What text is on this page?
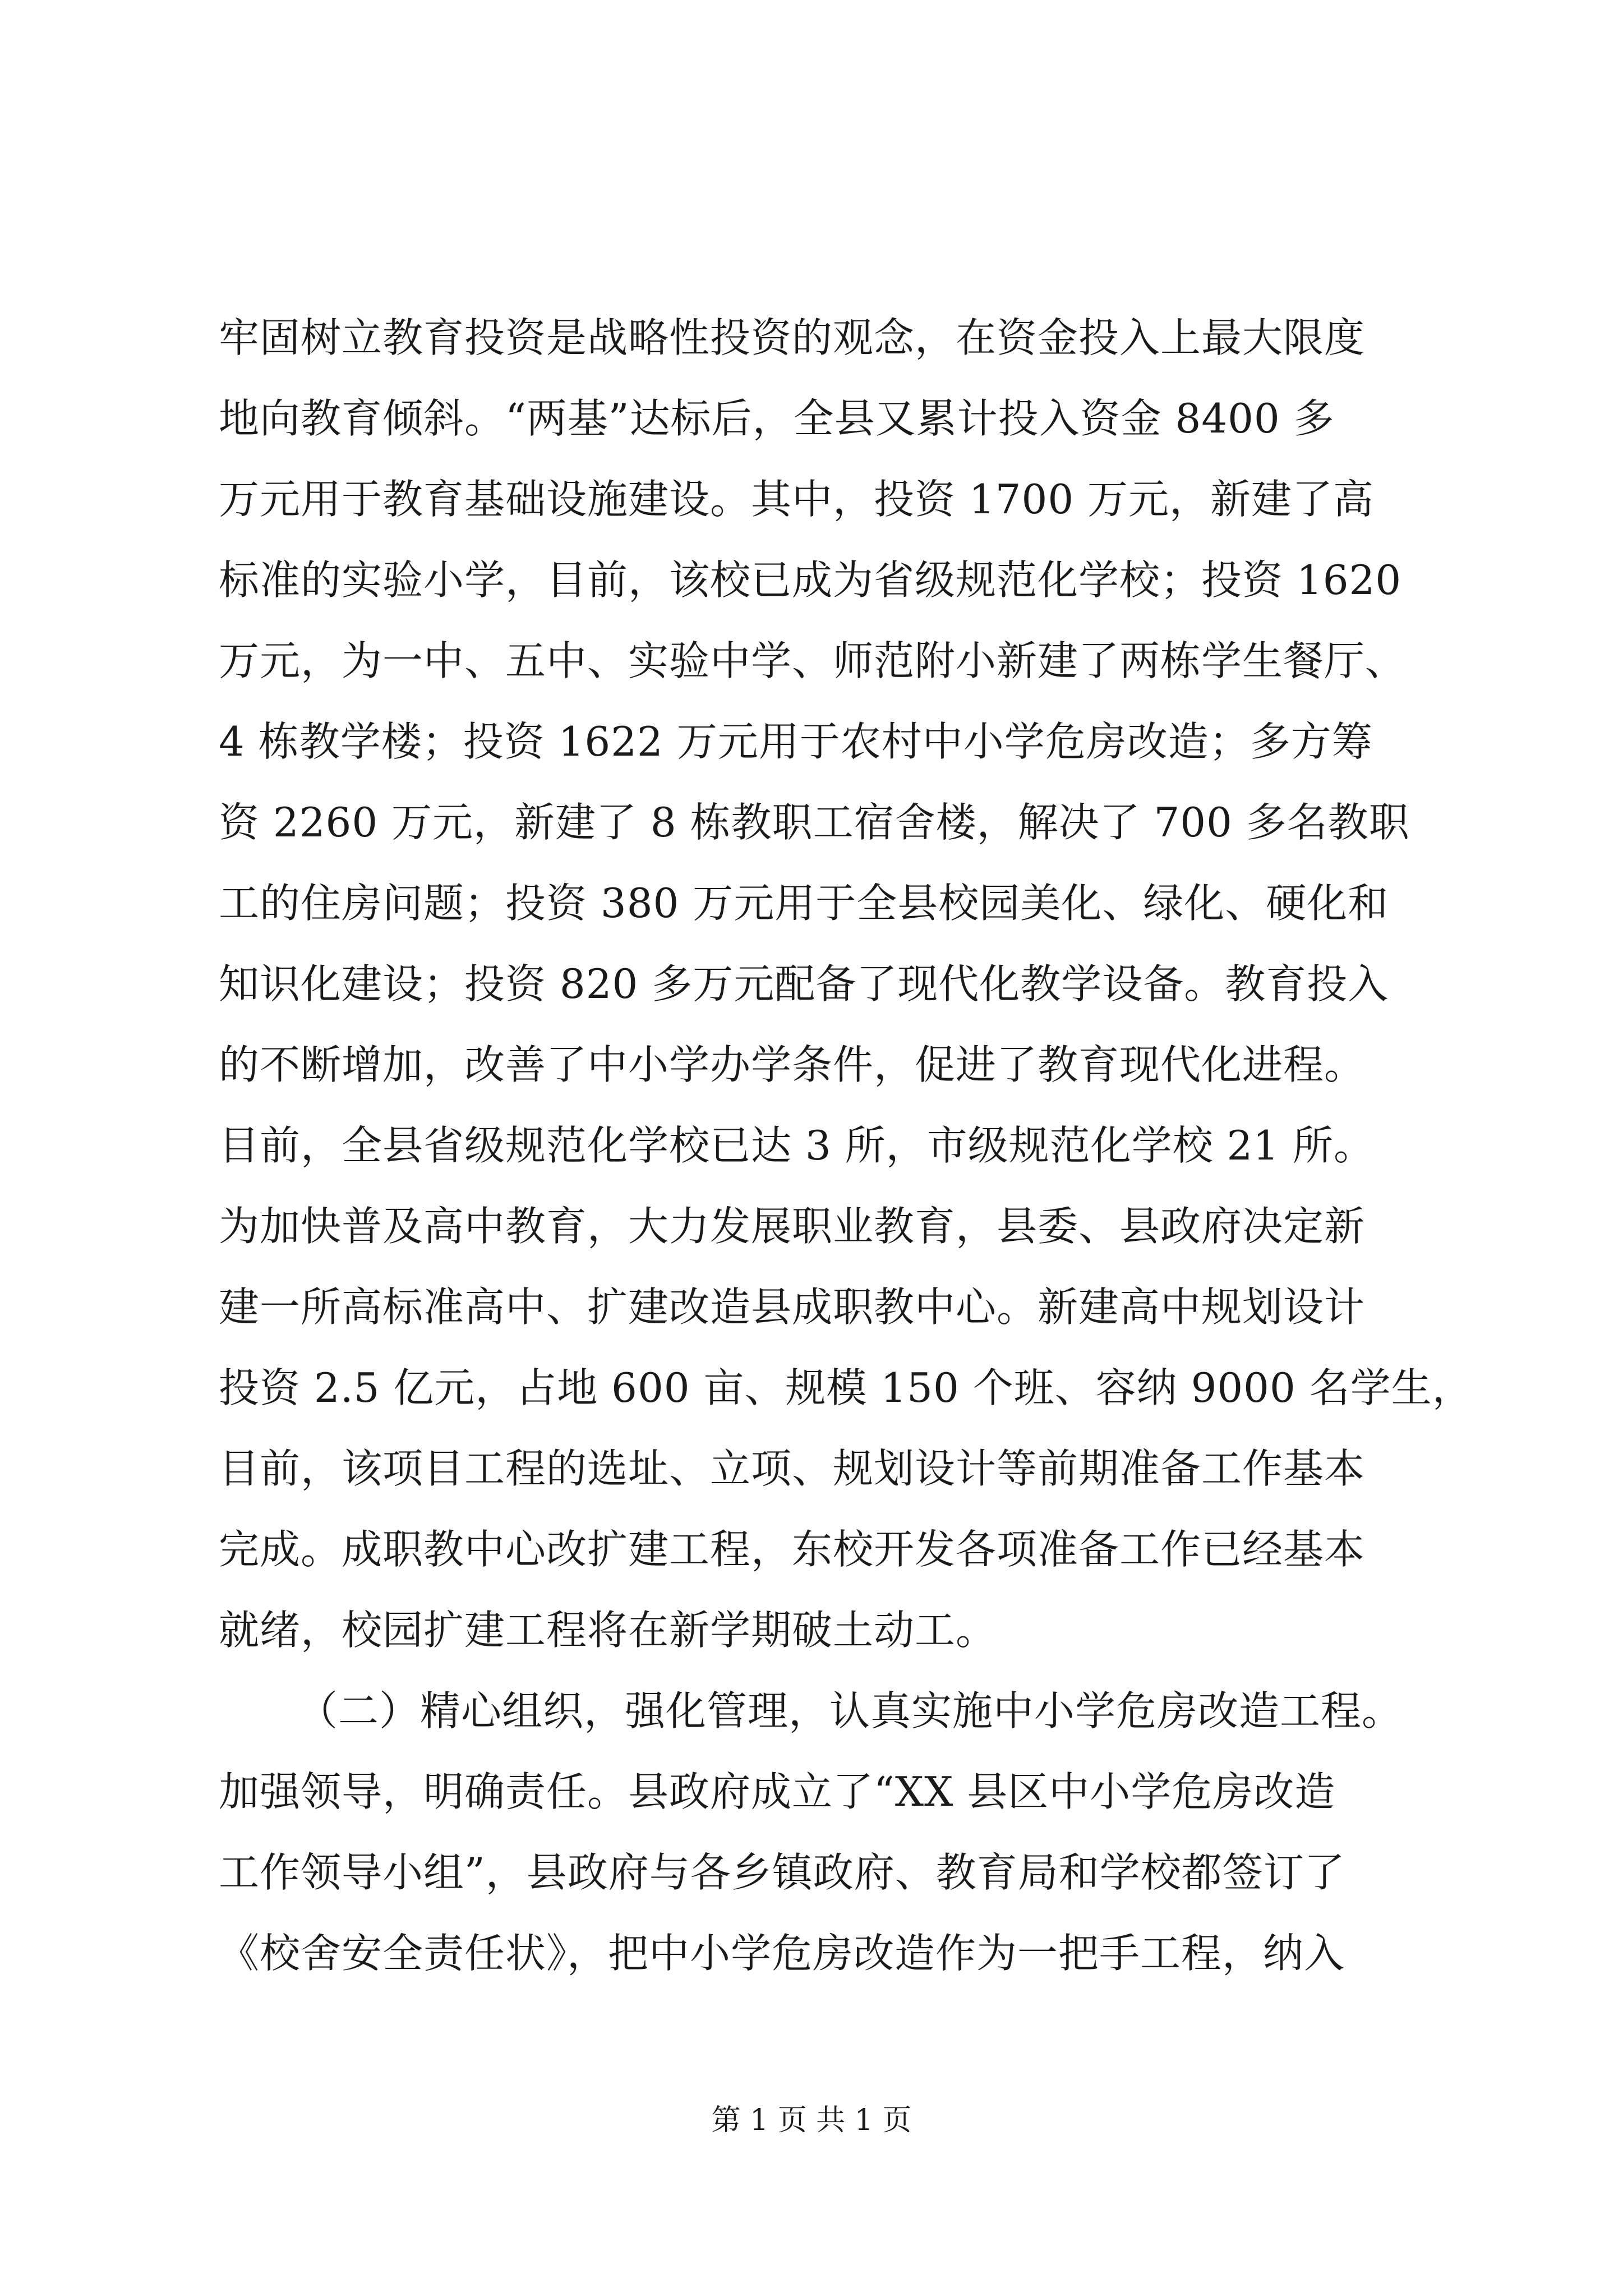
牢固树立教育投资是战略性投资的观念，在资金投入上最大限度
地向教育倾斜。“两基”达标后，全县又累计投入资金 8400 多
万元用于教育基础设施建设。其中，投资 1700 万元，新建了高
标准的实验小学，目前，该校已成为省级规范化学校；投资 1620
万元，为一中、五中、实验中学、师范附小新建了两栋学生餐厅、
4 栋教学楼；投资 1622 万元用于农村中小学危房改造；多方筹
资 2260 万元，新建了 8 栋教职工宿舍楼，解决了 700 多名教职
工的住房问题；投资 380 万元用于全县校园美化、绿化、硬化和
知识化建设；投资 820 多万元配备了现代化教学设备。教育投入
的不断增加，改善了中小学办学条件，促进了教育现代化进程。
目前，全县省级规范化学校已达 3 所，市级规范化学校 21 所。
为加快普及高中教育，大力发展职业教育，县委、县政府决定新
建一所高标准高中、扩建改造县成职教中心。新建高中规划设计
投资 2.5 亿元，占地 600 亩、规模 150 个班、容纳 9000 名学生，
目前，该项目工程的选址、立项、规划设计等前期准备工作基本
完成。成职教中心改扩建工程，东校开发各项准备工作已经基本
就绪，校园扩建工程将在新学期破土动工。
（二）精心组织，强化管理，认真实施中小学危房改造工程。
加强领导，明确责任。县政府成立了“XX 县区中小学危房改造
工作领导小组”，县政府与各乡镇政府、教育局和学校都签订了
《校舍安全责任状》，把中小学危房改造作为一把手工程，纳入
第 1 页 共 1 页
